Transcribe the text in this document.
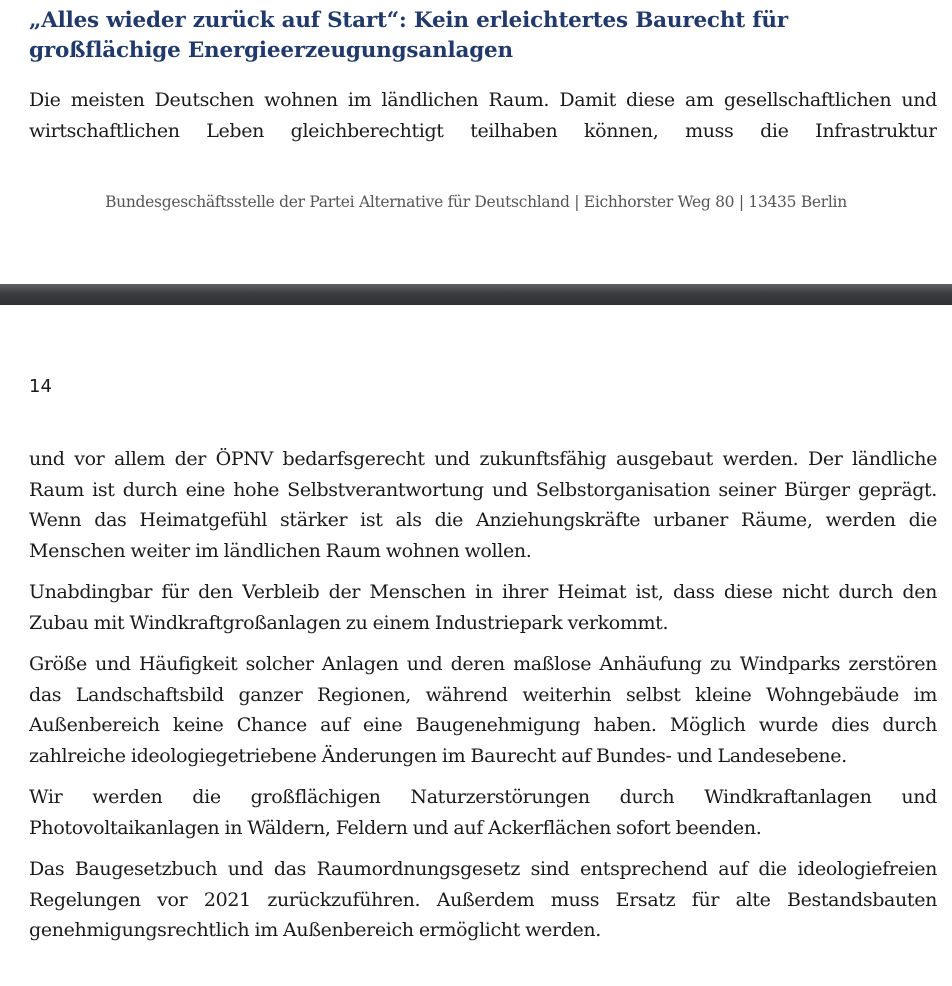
„Alles wieder zurück auf Start“: Kein erleichtertes Baurecht für großflächige Energieerzeugungsanlagen

Die meisten Deutschen wohnen im ländlichen Raum. Damit diese am gesellschaftlichen und wirtschaftlichen Leben gleichberechtigt teilhaben können, muss die Infrastruktur

Bundesgeschäftsstelle der Partei Alternative für Deutschland | Eichhorster Weg 80 | 13435 Berlin
14

und vor allem der ÖPNV bedarfsgerecht und zukunftsfähig ausgebaut werden. Der ländliche Raum ist durch eine hohe Selbstverantwortung und Selbstorganisation seiner Bürger geprägt. Wenn das Heimatgefühl stärker ist als die Anziehungskräfte urbaner Räume, werden die Menschen weiter im ländlichen Raum wohnen wollen.

Unabdingbar für den Verbleib der Menschen in ihrer Heimat ist, dass diese nicht durch den Zubau mit Windkraftgroßanlagen zu einem Industriepark verkommt.

Größe und Häufigkeit solcher Anlagen und deren maßlose Anhäufung zu Windparks zerstören das Landschaftsbild ganzer Regionen, während weiterhin selbst kleine Wohngebäude im Außenbereich keine Chance auf eine Baugenehmigung haben. Möglich wurde dies durch zahlreiche ideologiegetriebene Änderungen im Baurecht auf Bundes- und Landesebene.

Wir werden die großflächigen Naturzerstörungen durch Windkraftanlagen und Photovoltaikanlagen in Wäldern, Feldern und auf Ackerflächen sofort beenden.

Das Baugesetzbuch und das Raumordnungsgesetz sind entsprechend auf die ideologiefreien Regelungen vor 2021 zurückzuführen. Außerdem muss Ersatz für alte Bestandsbauten genehmigungsrechtlich im Außenbereich ermöglicht werden.
